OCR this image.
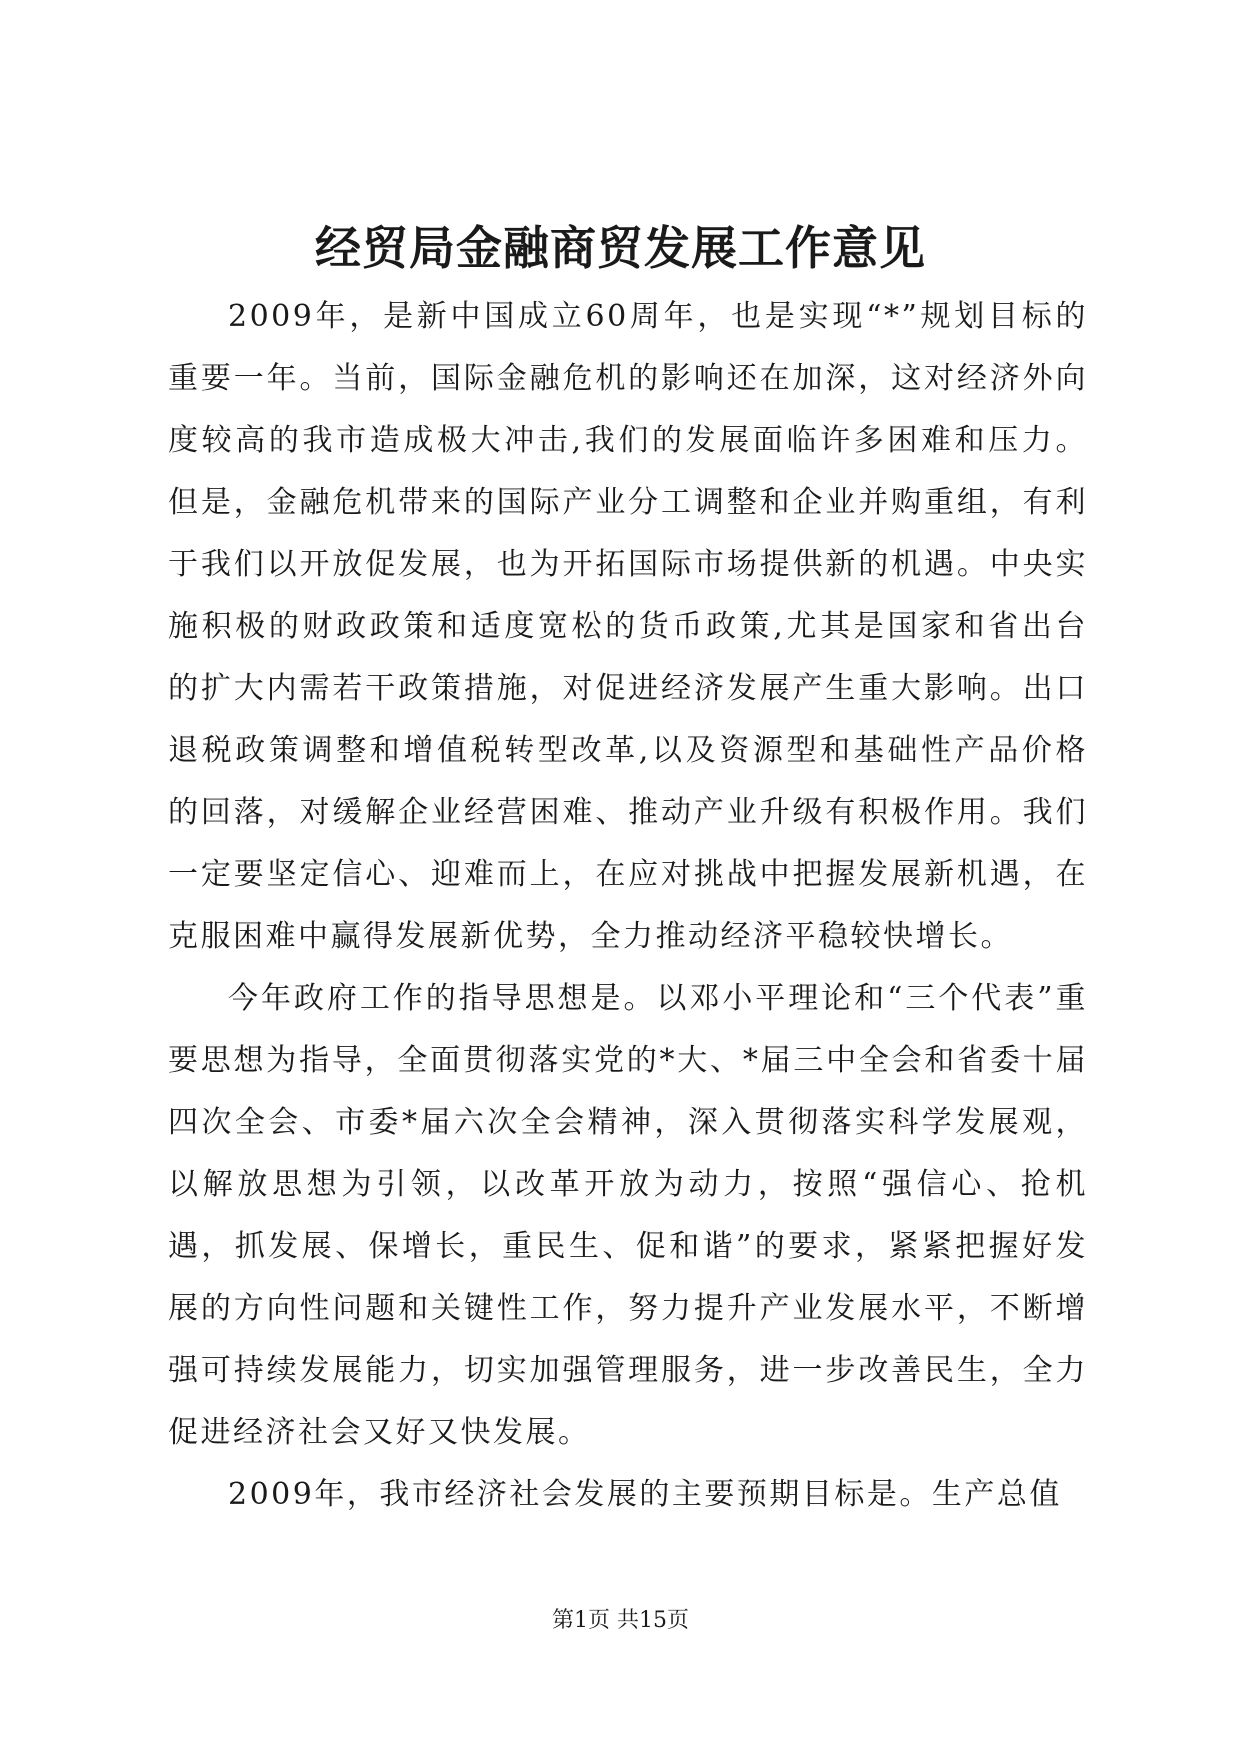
经贸局金融商贸发展工作意见

2009年，是新中国成立60周年，也是实现“*”规划目标的重要一年。当前，国际金融危机的影响还在加深，这对经济外向度较高的我市造成极大冲击,我们的发展面临许多困难和压力。但是，金融危机带来的国际产业分工调整和企业并购重组，有利于我们以开放促发展，也为开拓国际市场提供新的机遇。中央实施积极的财政政策和适度宽松的货币政策,尤其是国家和省出台的扩大内需若干政策措施，对促进经济发展产生重大影响。出口退税政策调整和增值税转型改革,以及资源型和基础性产品价格的回落，对缓解企业经营困难、推动产业升级有积极作用。我们一定要坚定信心、迎难而上，在应对挑战中把握发展新机遇，在克服困难中赢得发展新优势，全力推动经济平稳较快增长。

今年政府工作的指导思想是。以邓小平理论和“三个代表”重要思想为指导，全面贯彻落实党的*大、*届三中全会和省委十届四次全会、市委*届六次全会精神，深入贯彻落实科学发展观，以解放思想为引领，以改革开放为动力，按照“强信心、抢机遇，抓发展、保增长，重民生、促和谐”的要求，紧紧把握好发展的方向性问题和关键性工作，努力提升产业发展水平，不断增强可持续发展能力，切实加强管理服务，进一步改善民生，全力促进经济社会又好又快发展。

2009年，我市经济社会发展的主要预期目标是。生产总值

第1页 共15页
